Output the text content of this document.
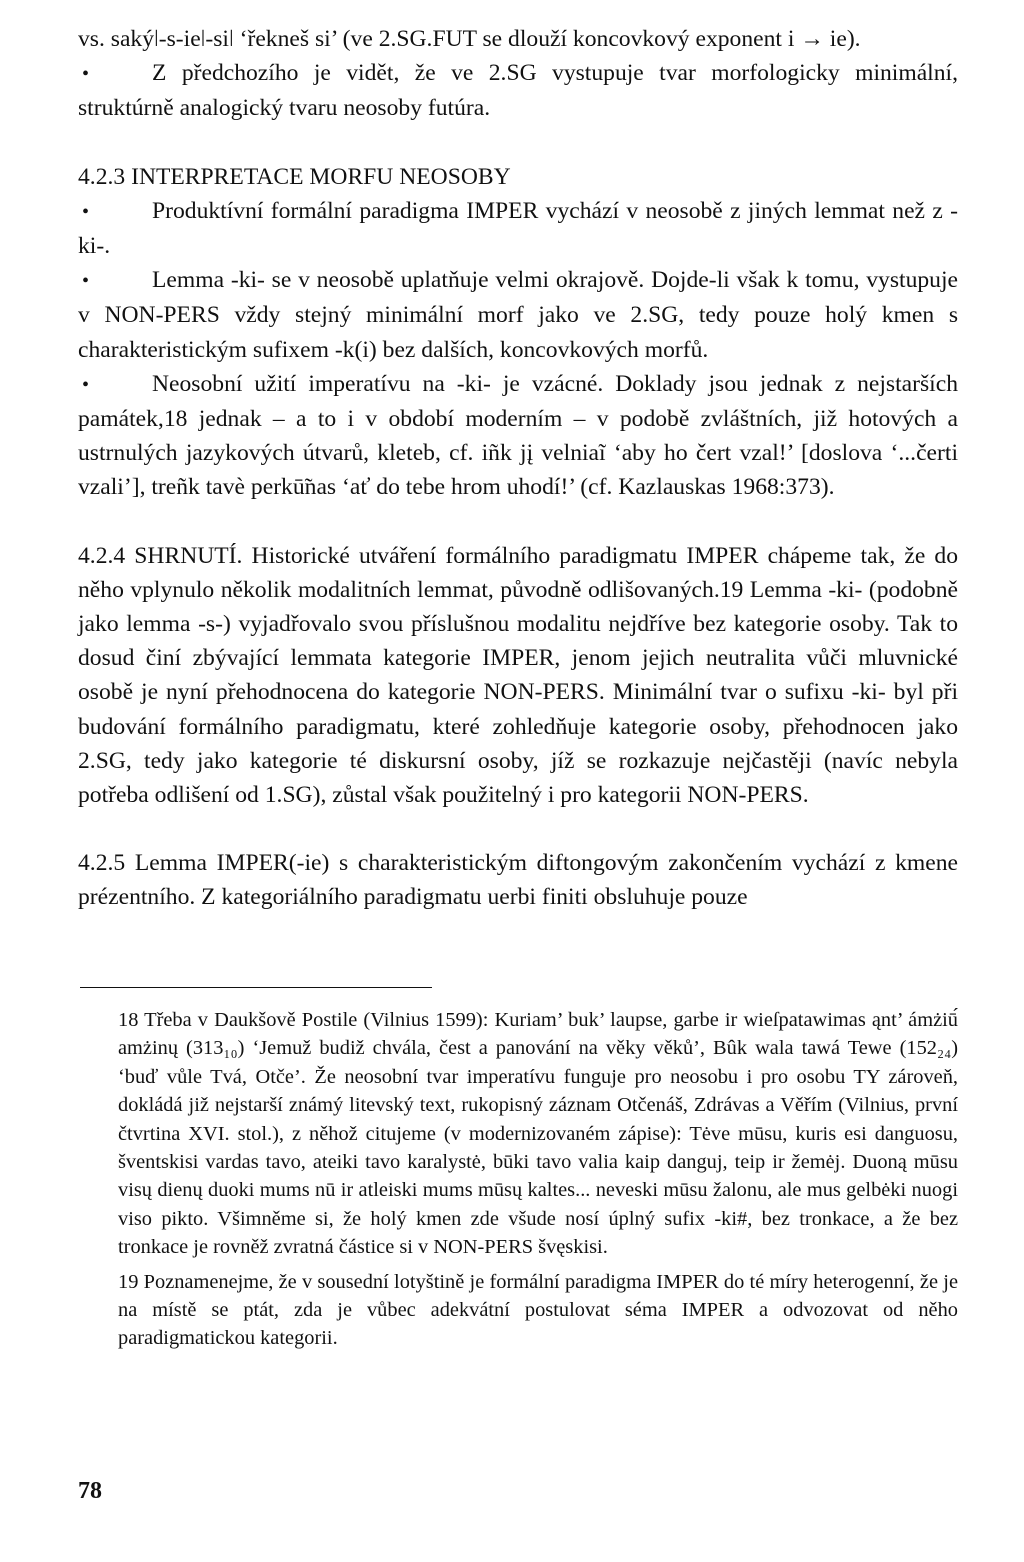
vs. sakýǀ-s-ieǀ-siǀ ‘řekneš si’ (ve 2.SG.FUT se dlouží koncovkový exponent i → ie).

• Z předchozího je vidět, že ve 2.SG vystupuje tvar morfologicky minimální, struktúrně analogický tvaru neosoby futúra.

4.2.3 INTERPRETACE MORFU NEOSOBY

• Produktívní formální paradigma IMPER vychází v neosobě z jiných lemmat než z -ki-.

• Lemma -ki- se v neosobě uplatňuje velmi okrajově. Dojde-li však k tomu, vystupuje v NON-PERS vždy stejný minimální morf jako ve 2.SG, tedy pouze holý kmen s charakteristickým sufixem -k(i) bez dalších, koncovkových morfů.

• Neosobní užití imperatívu na -ki- je vzácné. Doklady jsou jednak z nejstarších památek,18 jednak – a to i v období moderním – v podobě zvláštních, již hotových a ustrnulých jazykových útvarů, kleteb, cf. iñk jį velniaĩ ‘aby ho čert vzal!’ [doslova ‘...čerti vzali’], treñk tavè perkū̃nas ‘ať do tebe hrom uhodí!’ (cf. Kazlauskas 1968:373).

4.2.4 SHRNUTÍ. Historické utváření formálního paradigmatu IMPER chápeme tak, že do něho vplynulo několik modalitních lemmat, původně odlišovaných.19 Lemma -ki- (podobně jako lemma -s-) vyjadřovalo svou příslušnou modalitu nejdříve bez kategorie osoby. Tak to dosud činí zbývající lemmata kategorie IMPER, jenom jejich neutralita vůči mluvnické osobě je nyní přehodnocena do kategorie NON-PERS. Minimální tvar o sufixu -ki- byl při budování formálního paradigmatu, které zohledňuje kategorie osoby, přehodnocen jako 2.SG, tedy jako kategorie té diskursní osoby, jíž se rozkazuje nejčastěji (navíc nebyla potřeba odlišení od 1.SG), zůstal však použitelný i pro kategorii NON-PERS.

4.2.5 Lemma IMPER(-ie) s charakteristickým diftongovým zakončením vychází z kmene prézentního. Z kategoriálního paradigmatu uerbi finiti obsluhuje pouze

18 Třeba v Daukšově Postile (Vilnius 1599): Kuriam’ buk’ laupse, garbe ir wieſpatawimas ąnt’ ámżiū́ amżinų (313₁₀) ‘Jemuž budiž chvála, čest a panování na věky věků’, Bûk wala tawá Tewe (152₂₄) ‘buď vůle Tvá, Otče’. Že neosobní tvar imperatívu funguje pro neosobu i pro osobu TY zároveň, dokládá již nejstarší známý litevský text, rukopisný záznam Otčenáš, Zdrávas a Věřím (Vilnius, první čtvrtina XVI. stol.), z něhož citujeme (v modernizovaném zápise): Tėve mūsu, kuris esi danguosu, šventskisi vardas tavo, ateiki tavo karalystė, būki tavo valia kaip danguj, teip ir žemėj. Duoną mūsu visų dienų duoki mums nū ir atleiski mums mūsų kaltes... neveski mūsu žalonu, ale mus gelbėki nuogi viso pikto. Všimněme si, že holý kmen zde všude nosí úplný sufix -ki#, bez tronkace, a že bez tronkace je rovněž zvratná částice si v NON-PERS švęskisi.

19 Poznamenejme, že v sousední lotyštině je formální paradigma IMPER do té míry heterogenní, že je na místě se ptát, zda je vůbec adekvátní postulovat séma IMPER a odvozovat od něho paradigmatickou kategorii.

78
